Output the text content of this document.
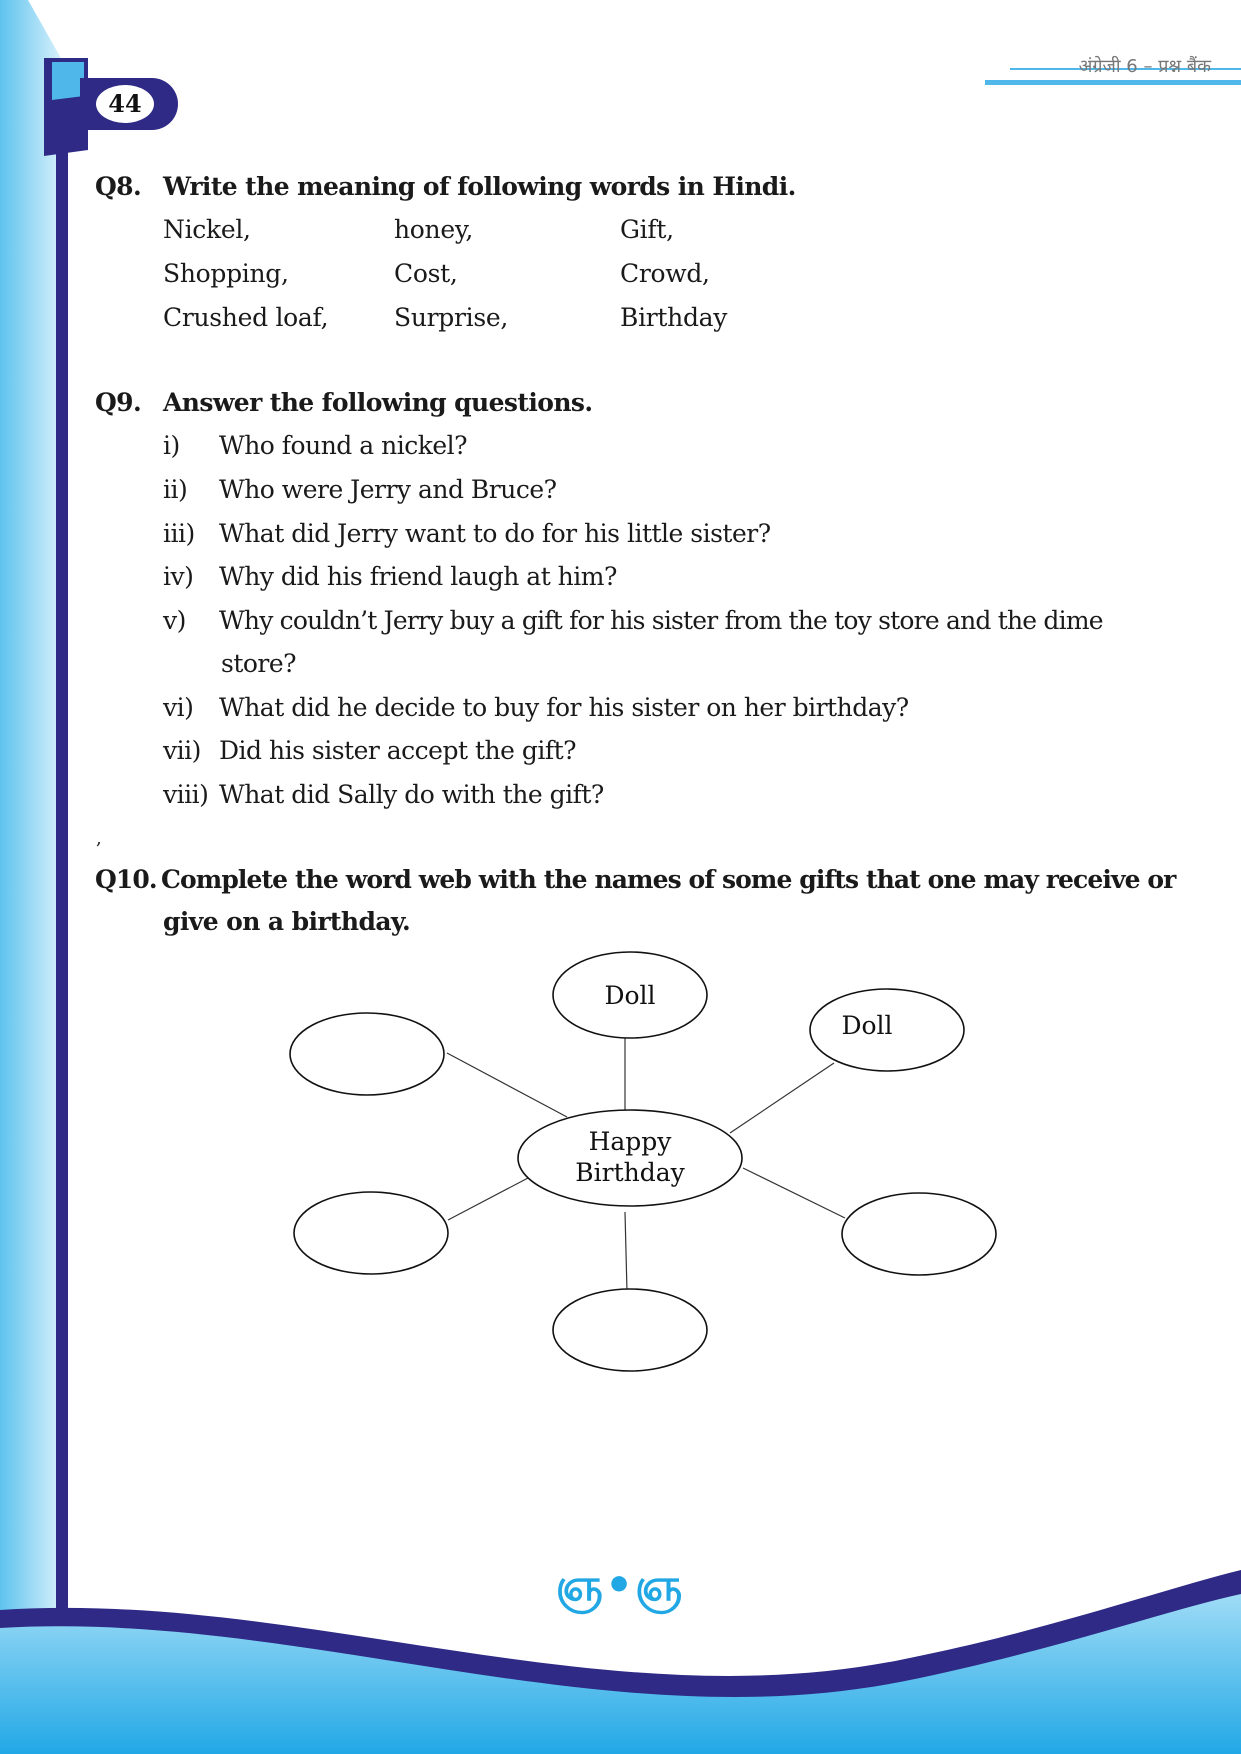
अंग्रेजी 6 – प्रश्न बैंक
44
Q8. Write the meaning of following words in Hindi.
Nickel,	honey,	Gift,
Shopping,	Cost,	Crowd,
Crushed loaf,	Surprise,	Birthday
Q9. Answer the following questions.
i) Who found a nickel?
ii) Who were Jerry and Bruce?
iii) What did Jerry want to do for his little sister?
iv) Why did his friend laugh at him?
v) Why couldn’t Jerry buy a gift for his sister from the toy store and the dime
store?
vi) What did he decide to buy for his sister on her birthday?
vii) Did his sister accept the gift?
viii) What did Sally do with the gift?
,
Q10. Complete the word web with the names of some gifts that one may receive or
give on a birthday.
Happy
Birthday
Doll
Doll
ஞ•ஞ
